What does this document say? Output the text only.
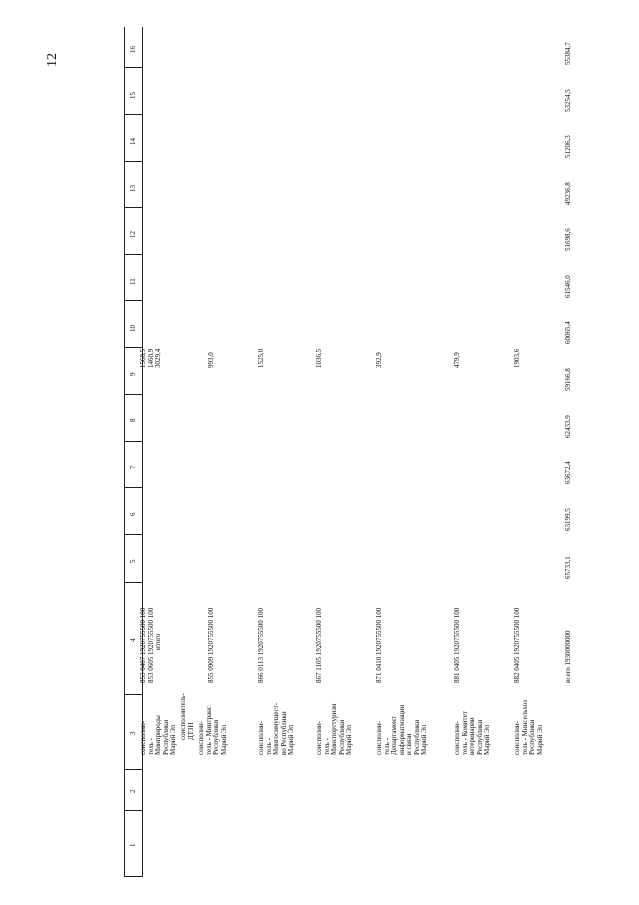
12
1
2
3
4
5
6
7
8
9
10
11
12
13
14
15
16
соисполни- тель - Минприроды Республики Марий Эл
853 0407 1920755500 100 853 0605 1920755500 100 итого
1568,5 1460,9 3029,4
соисполнитель- ДТЗН соисполни- тель - Минтранс Республики Марий Эл
855 0909 1920755500 100
993,0
соисполни- тель - Мингосимущест- во Республики Марий Эл
866 0113 1920755500 100
1525,0
соисполни- тель - Минспорттуризм Республики Марий Эл
867 1105 1920755500 100
1036,5
соисполни- тель - Департамент информатизации и связи Республики Марий Эл
871 0410 1920755500 100
392,9
соисполни- тель - Комитет ветеринарии Республики Марий Эл
881 0405 1920755500 100
479,9
соисполни- тель - Минсельхоз Республики Марий Эл
882 0405 1920755500 100
1903,6
всего 1930000000
65733,1
63199,5
63672,4
62433,9
59166,8
60065,4
61546,0
51698,6
49236,8
51206,3
53254,5
55384,7
